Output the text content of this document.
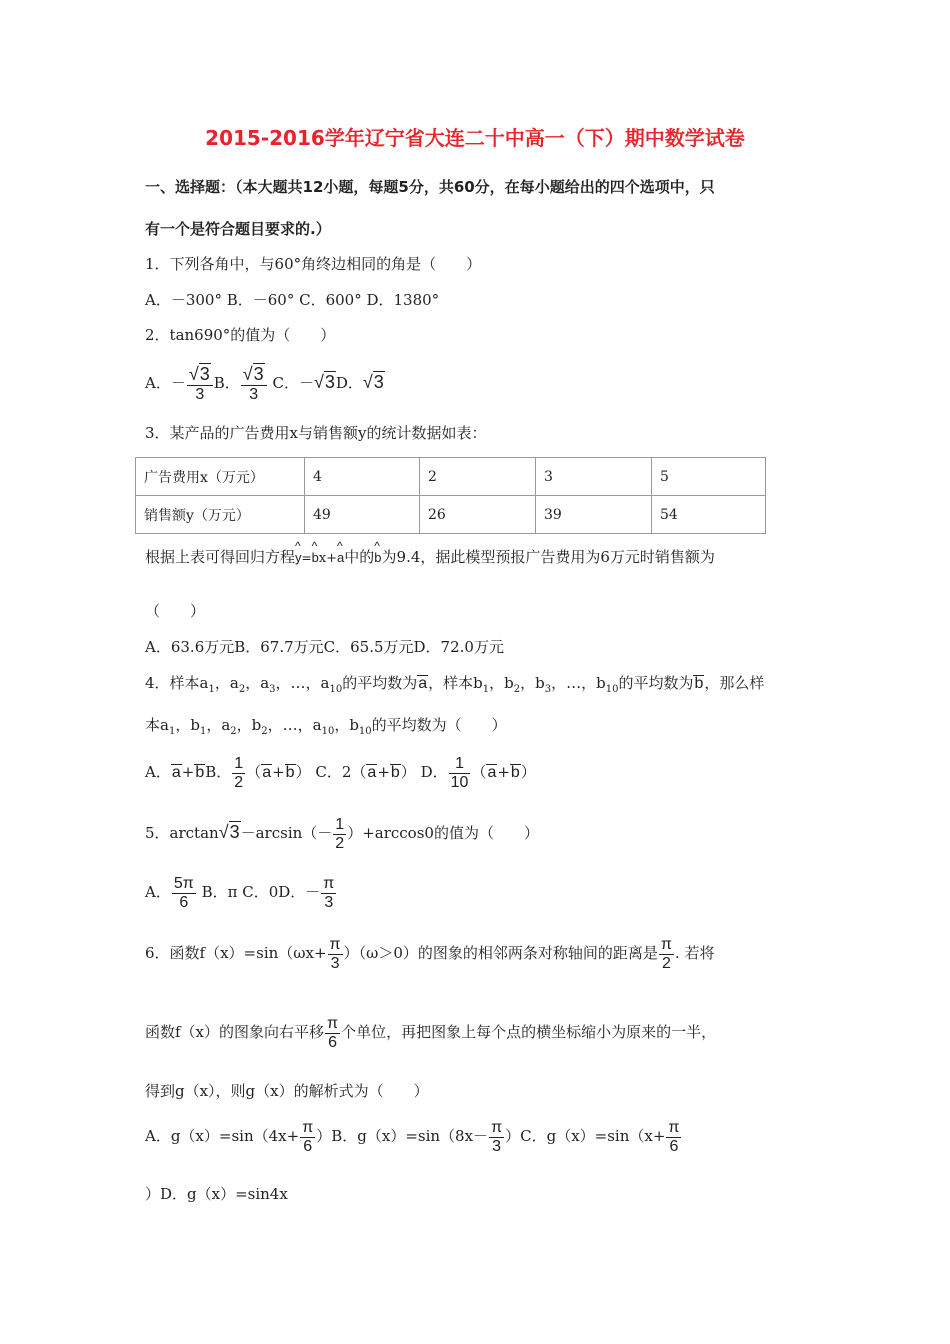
2015-2016学年辽宁省大连二十中高一（下）期中数学试卷
一、选择题：（本大题共12小题，每题5分，共60分，在每小题给出的四个选项中，只
有一个是符合题目要求的.）
1．下列各角中，与60°角终边相同的角是（　　）
A．－300° B．－60° C．600° D．1380°
2．tan690°的值为（　　）
A．－ $\frac{√3}{3}$ B． $\frac{√3}{3}$ C．－√3D．√3
3．某产品的广告费用x与销售额y的统计数据如表：
广告费用x（万元）	4	2	3	5
销售额y（万元）	49	26	39	54
根据上表可得回归方程^ y=^ bx+^ a中的^ b为9.4，据此模型预报广告费用为6万元时销售额为
（　　）
A．63.6万元B．67.7万元C．65.5万元D．72.0万元
4．样本$a_1$，$a_2$，$a_3$，…，$a_{10}$的平均数为a，样本$b_1$，$b_2$，$b_3$，…，$b_{10}$的平均数为b，那么样
本$a_1$，$b_1$，$a_2$，$b_2$，…，$a_{10}$，$b_{10}$的平均数为（　　）
A．a+bB． $\frac{1}{2} (a+b)$ C．2（a+b） D． $\frac{1}{10} (a+b)$
5．$\arctan√3-\arcsin(- \frac{1}{2} )+\arccos 0$的值为（　　）
A． $\frac{5\pi}{6}$ B．π C．0D．－ $\frac{\pi}{3}$
6．函数$f(x)=\sin(\omega x+ \frac{\pi}{3} )(\omega>0)$的图象的相邻两条对称轴间的距离是 $\frac{\pi}{2}$ . 若将
函数f（x）的图象向右平移 $\frac{\pi}{6}$ 个单位，再把图象上每个点的横坐标缩小为原来的一半，
得到g（x），则g（x）的解析式为（　　）
A．$g(x)=\sin(4x+ \frac{\pi}{6} )B$．$g(x)=\sin(8x- \frac{\pi}{3} )C$．$g(x)=\sin(x+ \frac{\pi}{6}$
）D．g（x）=sin4x
